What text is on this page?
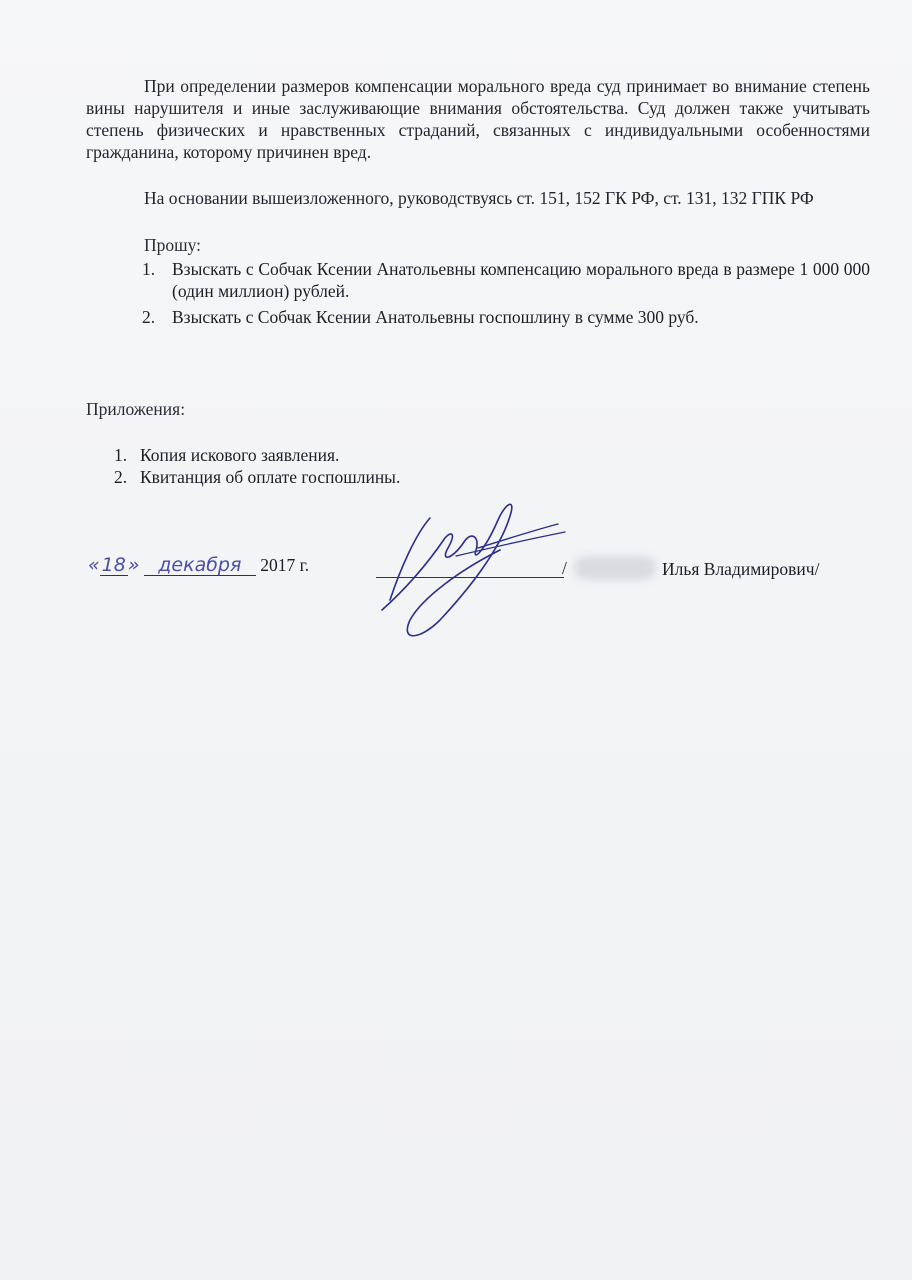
При определении размеров компенсации морального вреда суд принимает во внимание степень вины нарушителя и иные заслуживающие внимания обстоятельства. Суд должен также учитывать степень физических и нравственных страданий, связанных с индивидуальными особенностями гражданина, которому причинен вред.

На основании вышеизложенного, руководствуясь ст. 151, 152 ГК РФ, ст. 131, 132 ГПК РФ

Прошу:
1. Взыскать с Собчак Ксении Анатольевны компенсацию морального вреда в размере 1 000 000 (один миллион) рублей.
2. Взыскать с Собчак Ксении Анатольевны госпошлину в сумме 300 руб.
Приложения:
1. Копия искового заявления.
2. Квитанция об оплате госпошлины.
« 18 » декабря 2017 г.	/	Илья Владимирович/
